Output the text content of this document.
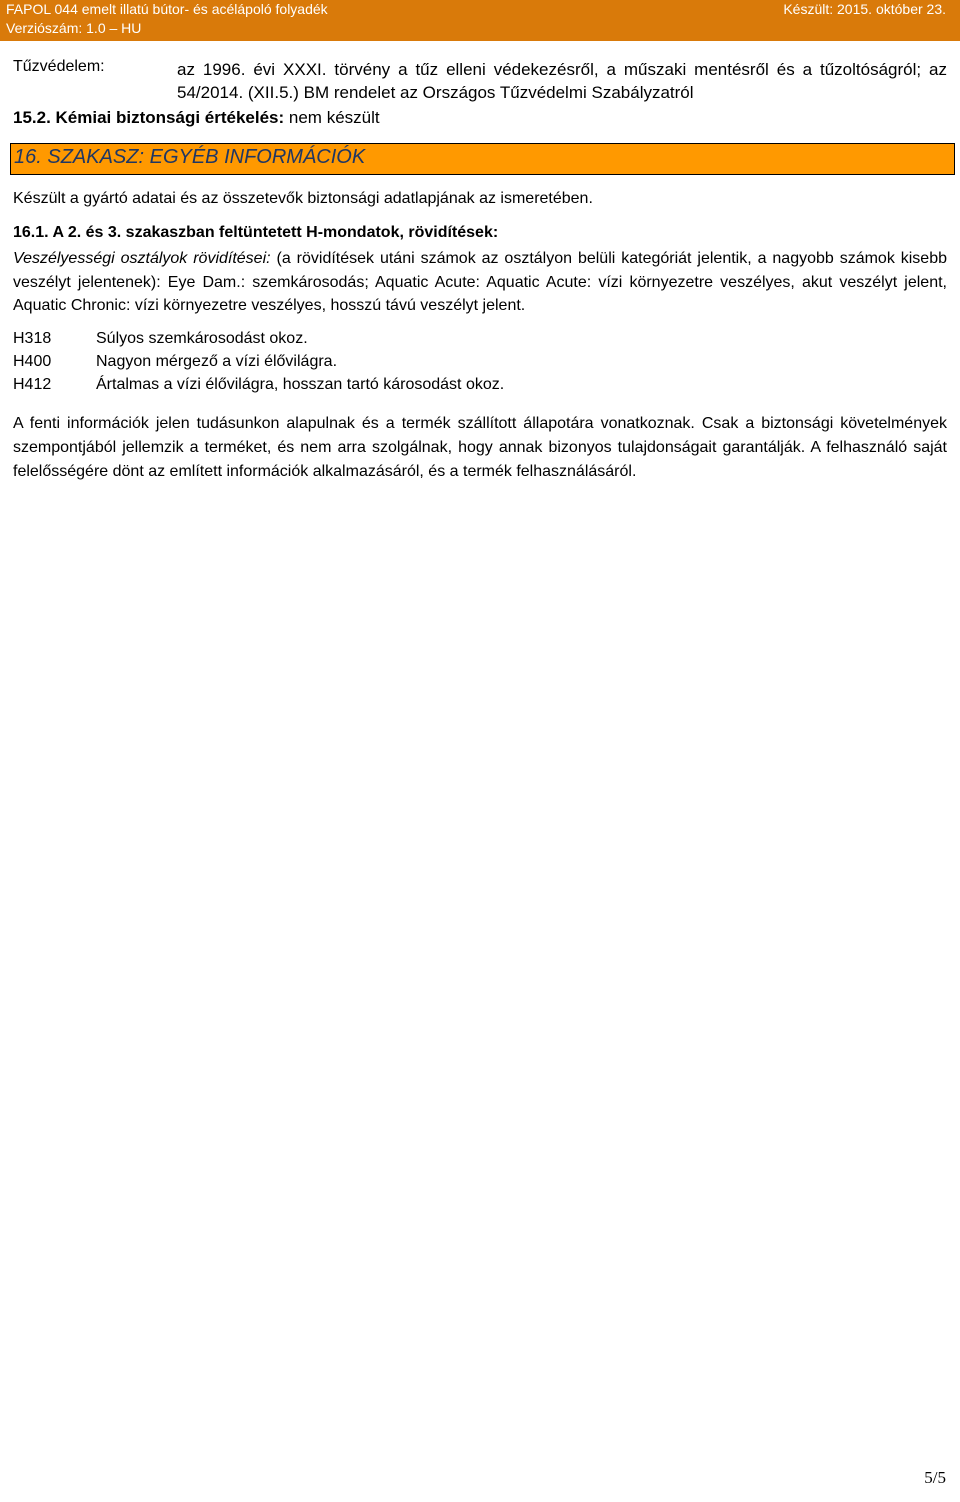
FAPOL 044 emelt illatú bútor- és acélápoló folyadék
Verziószám: 1.0 – HU
Készült: 2015. október 23.
Tűzvédelem:	az 1996. évi XXXI. törvény a tűz elleni védekezésről, a műszaki mentésről és a tűzoltóságról; az 54/2014. (XII.5.) BM rendelet az Országos Tűzvédelmi Szabályzatról
15.2. Kémiai biztonsági értékelés: nem készült
16. SZAKASZ: EGYÉB INFORMÁCIÓK
Készült a gyártó adatai és az összetevők biztonsági adatlapjának az ismeretében.
16.1. A 2. és 3. szakaszban feltüntetett H-mondatok, rövidítések:
Veszélyességi osztályok rövidítései: (a rövidítések utáni számok az osztályon belüli kategóriát jelentik, a nagyobb számok kisebb veszélyt jelentenek): Eye Dam.: szemkárosodás; Aquatic Acute: Aquatic Acute: vízi környezetre veszélyes, akut veszélyt jelent, Aquatic Chronic: vízi környezetre veszélyes, hosszú távú veszélyt jelent.
H318	Súlyos szemkárosodást okoz.
H400	Nagyon mérgező a vízi élővilágra.
H412	Ártalmas a vízi élővilágra, hosszan tartó károsodást okoz.
A fenti információk jelen tudásunkon alapulnak és a termék szállított állapotára vonatkoznak. Csak a biztonsági követelmények szempontjából jellemzik a terméket, és nem arra szolgálnak, hogy annak bizonyos tulajdonságait garantálják. A felhasználó saját felelősségére dönt az említett információk alkalmazásáról, és a termék felhasználásáról.
5/5
